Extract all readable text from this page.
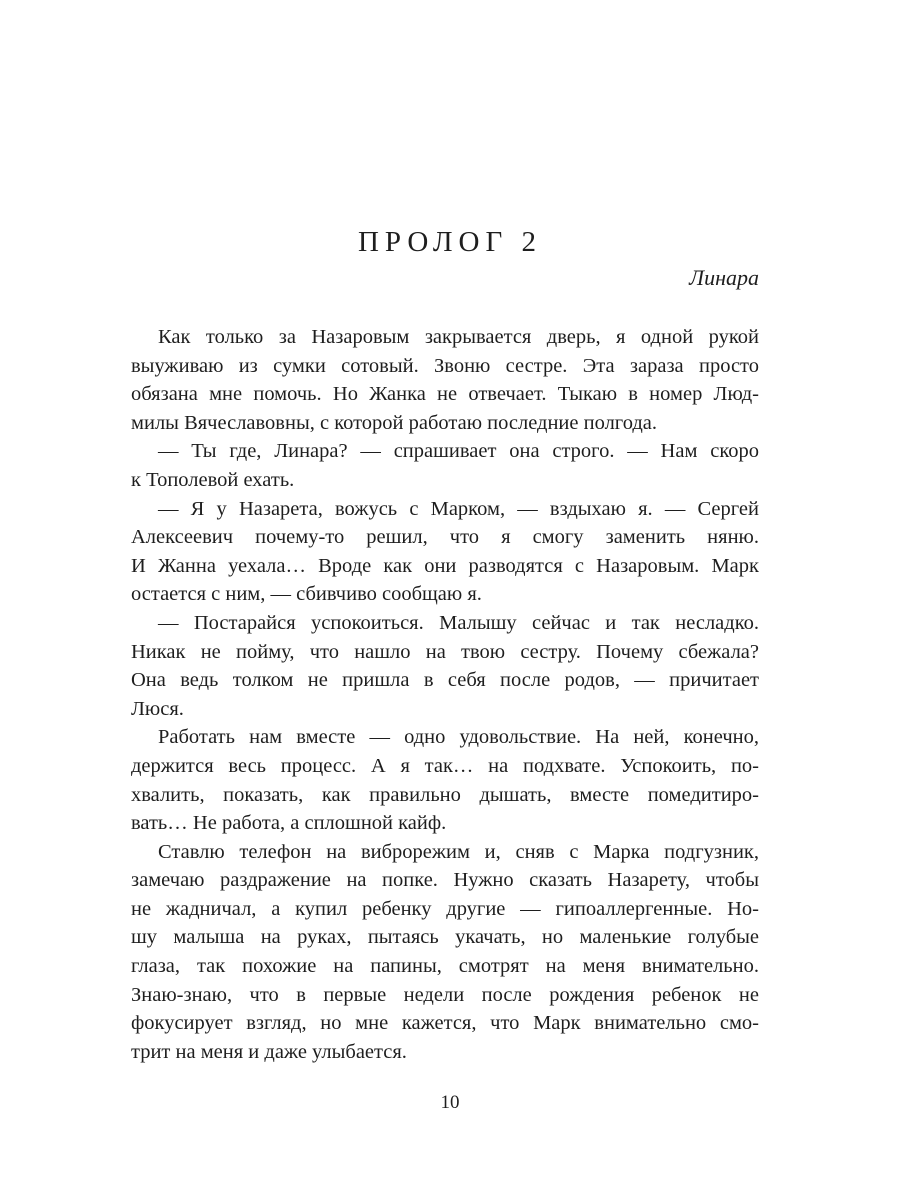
ПРОЛОГ 2

Линара

Как только за Назаровым закрывается дверь, я одной рукой
выуживаю из сумки сотовый. Звоню сестре. Эта зараза просто
обязана мне помочь. Но Жанка не отвечает. Тыкаю в номер Люд-
милы Вячеславовны, с которой работаю последние полгода.
— Ты где, Линара? — спрашивает она строго. — Нам скоро
к Тополевой ехать.
— Я у Назарета, вожусь с Марком, — вздыхаю я. — Сергей
Алексеевич почему-то решил, что я смогу заменить няню.
И Жанна уехала… Вроде как они разводятся с Назаровым. Марк
остается с ним, — сбивчиво сообщаю я.
— Постарайся успокоиться. Малышу сейчас и так несладко.
Никак не пойму, что нашло на твою сестру. Почему сбежала?
Она ведь толком не пришла в себя после родов, — причитает
Люся.
Работать нам вместе — одно удовольствие. На ней, конечно,
держится весь процесс. А я так… на подхвате. Успокоить, по-
хвалить, показать, как правильно дышать, вместе помедитиро-
вать… Не работа, а сплошной кайф.
Ставлю телефон на виброрежим и, сняв с Марка подгузник,
замечаю раздражение на попке. Нужно сказать Назарету, чтобы
не жадничал, а купил ребенку другие — гипоаллергенные. Но-
шу малыша на руках, пытаясь укачать, но маленькие голубые
глаза, так похожие на папины, смотрят на меня внимательно.
Знаю-знаю, что в первые недели после рождения ребенок не
фокусирует взгляд, но мне кажется, что Марк внимательно смо-
трит на меня и даже улыбается.

10
